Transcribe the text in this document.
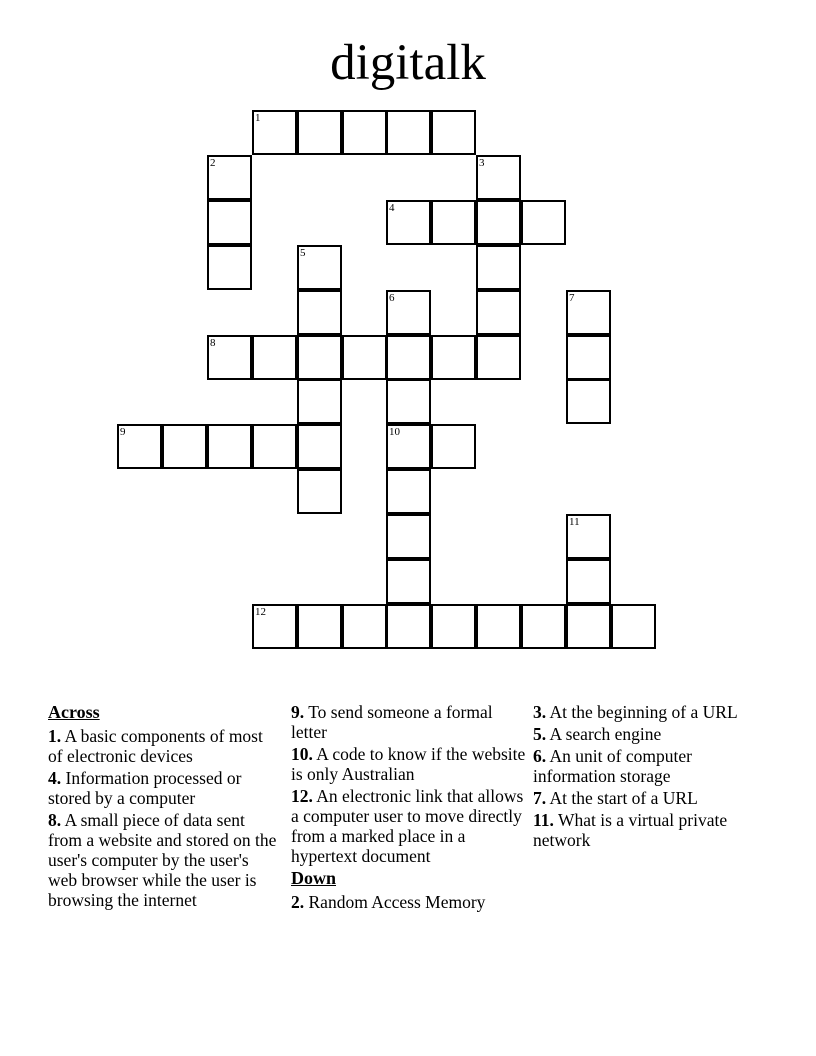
digitalk
1
2	3
4
5
6	7
8
9	10
11
12
Across
1. A basic components of most of electronic devices
4. Information processed or stored by a computer
8. A small piece of data sent from a website and stored on the user's computer by the user's web browser while the user is browsing the internet
9. To send someone a formal letter
10. A code to know if the website is only Australian
12. An electronic link that allows a computer user to move directly from a marked place in a hypertext document
Down
2. Random Access Memory
3. At the beginning of a URL
5. A search engine
6. An unit of computer information storage
7. At the start of a URL
11. What is a virtual private network
